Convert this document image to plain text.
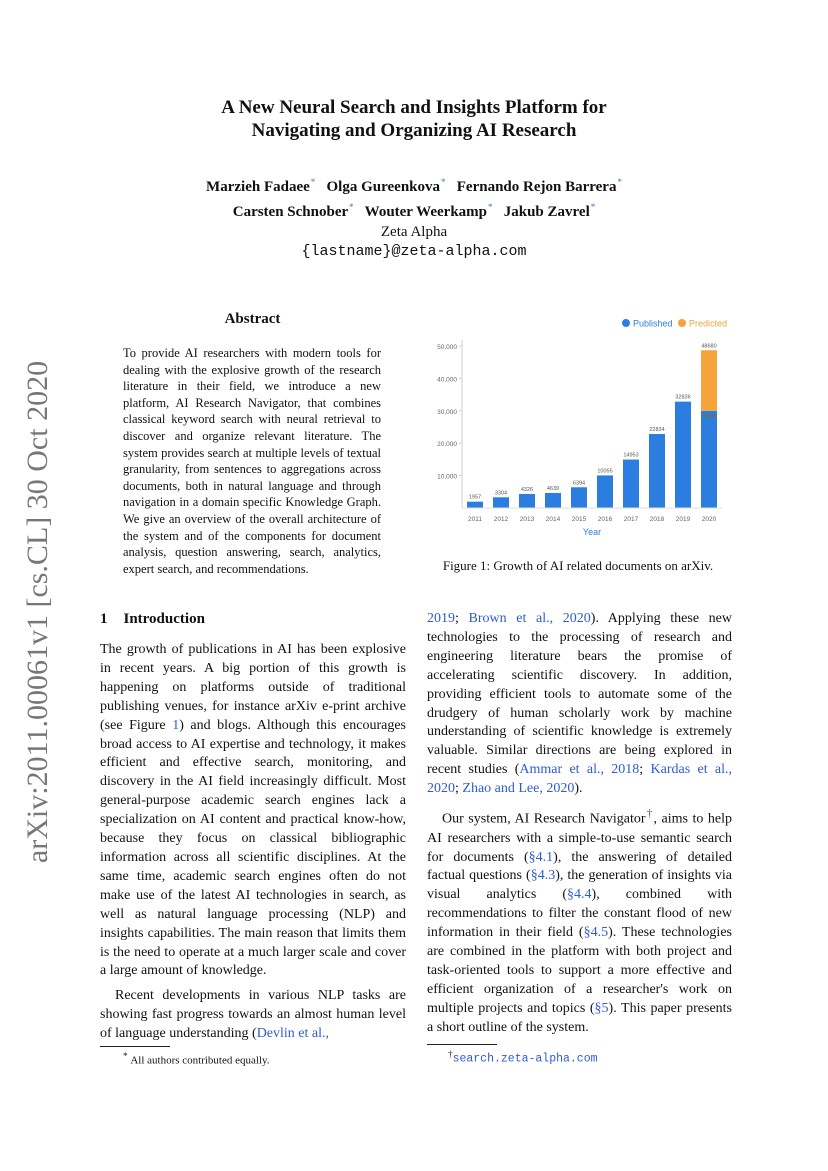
arXiv:2011.00061v1 [cs.CL] 30 Oct 2020
A New Neural Search and Insights Platform for
Navigating and Organizing AI Research
Marzieh Fadaee* Olga Gureenkova* Fernando Rejon Barrera*
Carsten Schnober* Wouter Weerkamp* Jakub Zavrel*
Zeta Alpha
{lastname}@zeta-alpha.com
Abstract
To provide AI researchers with modern tools for dealing with the explosive growth of the research literature in their field, we introduce a new platform, AI Research Navigator, that combines classical keyword search with neural retrieval to discover and organize relevant literature. The system provides search at multiple levels of textual granularity, from sentences to aggregations across documents, both in natural language and through navigation in a domain specific Knowledge Graph. We give an overview of the overall architecture of the system and of the components for document analysis, question answering, search, analytics, expert search, and recommendations.
Published Predicted
10,000
20,000
30,000
40,000
50,000
1957
2011
3304
2012
4326
2013
4639
2014
6394
2015
10055
2016
14953
2017
22834
2018
32836
2019
48680
29988
2020
Year
Figure 1: Growth of AI related documents on arXiv.
1 Introduction

The growth of publications in AI has been explosive in recent years. A big portion of this growth is happening on platforms outside of traditional publishing venues, for instance arXiv e-print archive (see Figure 1) and blogs. Although this encourages broad access to AI expertise and technology, it makes efficient and effective search, monitoring, and discovery in the AI field increasingly difficult. Most general-purpose academic search engines lack a specialization on AI content and practical know-how, because they focus on classical bibliographic information across all scientific disciplines. At the same time, academic search engines often do not make use of the latest AI technologies in search, as well as natural language processing (NLP) and insights capabilities. The main reason that limits them is the need to operate at a much larger scale and cover a large amount of knowledge.

Recent developments in various NLP tasks are showing fast progress towards an almost human level of language understanding (Devlin et al.,

2019; Brown et al., 2020). Applying these new technologies to the processing of research and engineering literature bears the promise of accelerating scientific discovery. In addition, providing efficient tools to automate some of the drudgery of human scholarly work by machine understanding of scientific knowledge is extremely valuable. Similar directions are being explored in recent studies (Ammar et al., 2018; Kardas et al., 2020; Zhao and Lee, 2020).

Our system, AI Research Navigator†, aims to help AI researchers with a simple-to-use semantic search for documents (§4.1), the answering of detailed factual questions (§4.3), the generation of insights via visual analytics (§4.4), combined with recommendations to filter the constant flood of new information in their field (§4.5). These technologies are combined in the platform with both project and task-oriented tools to support a more effective and efficient organization of a researcher's work on multiple projects and topics (§5). This paper presents a short outline of the system.

* All authors contributed equally.
†search.zeta-alpha.com
